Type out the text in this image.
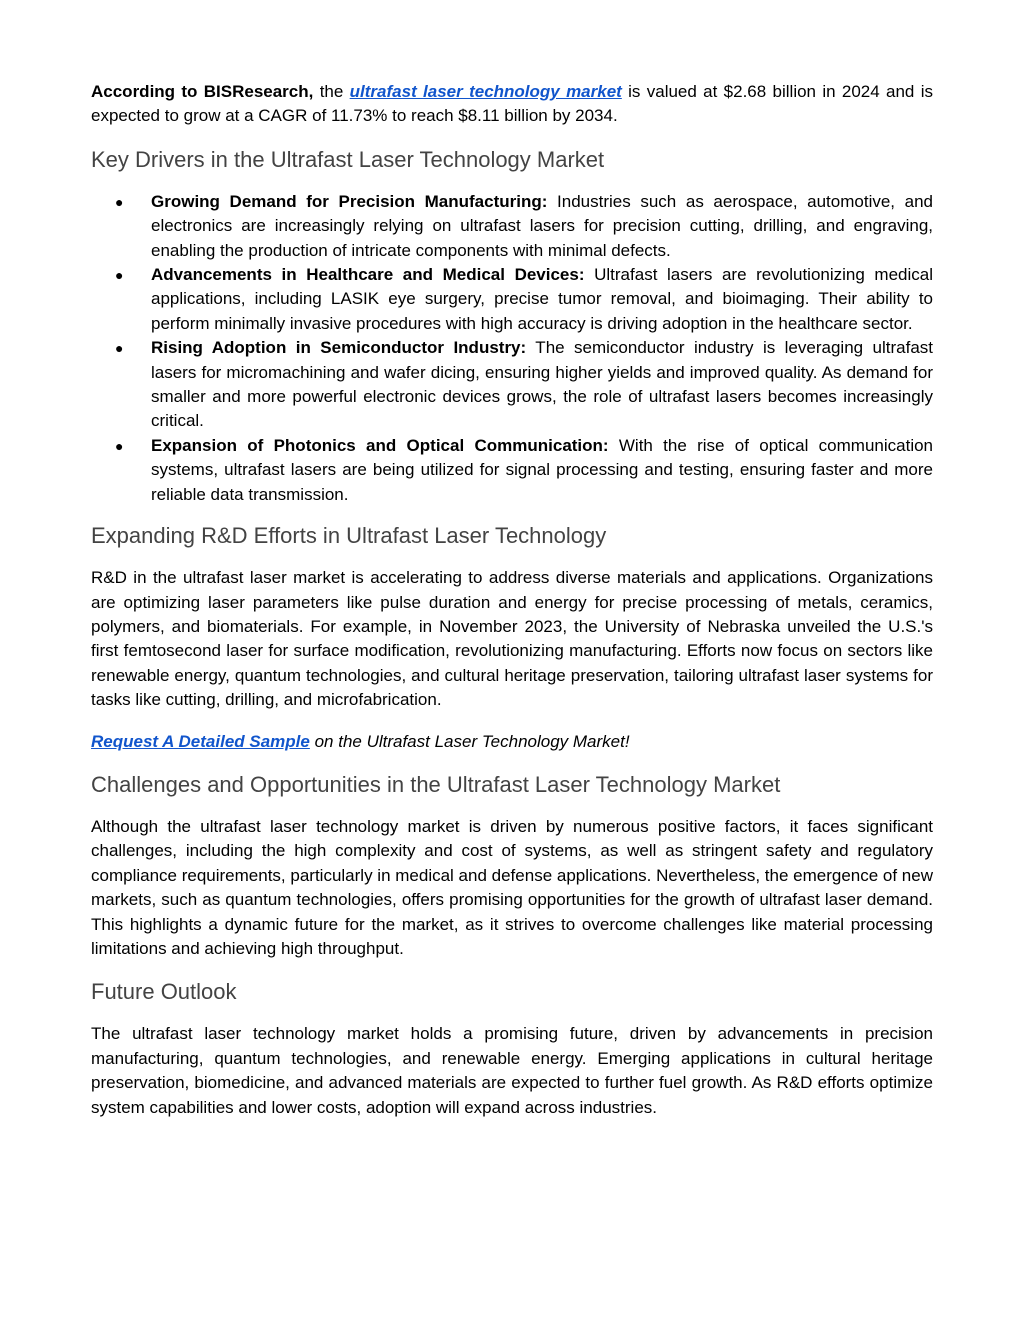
According to BISResearch, the ultrafast laser technology market is valued at $2.68 billion in 2024 and is expected to grow at a CAGR of 11.73% to reach $8.11 billion by 2034.

Key Drivers in the Ultrafast Laser Technology Market
● Growing Demand for Precision Manufacturing: Industries such as aerospace, automotive, and electronics are increasingly relying on ultrafast lasers for precision cutting, drilling, and engraving, enabling the production of intricate components with minimal defects.
● Advancements in Healthcare and Medical Devices: Ultrafast lasers are revolutionizing medical applications, including LASIK eye surgery, precise tumor removal, and bioimaging. Their ability to perform minimally invasive procedures with high accuracy is driving adoption in the healthcare sector.
● Rising Adoption in Semiconductor Industry: The semiconductor industry is leveraging ultrafast lasers for micromachining and wafer dicing, ensuring higher yields and improved quality. As demand for smaller and more powerful electronic devices grows, the role of ultrafast lasers becomes increasingly critical.
● Expansion of Photonics and Optical Communication: With the rise of optical communication systems, ultrafast lasers are being utilized for signal processing and testing, ensuring faster and more reliable data transmission.
Expanding R&D Efforts in Ultrafast Laser Technology

R&D in the ultrafast laser market is accelerating to address diverse materials and applications. Organizations are optimizing laser parameters like pulse duration and energy for precise processing of metals, ceramics, polymers, and biomaterials. For example, in November 2023, the University of Nebraska unveiled the U.S.'s first femtosecond laser for surface modification, revolutionizing manufacturing. Efforts now focus on sectors like renewable energy, quantum technologies, and cultural heritage preservation, tailoring ultrafast laser systems for tasks like cutting, drilling, and microfabrication.

Request A Detailed Sample on the Ultrafast Laser Technology Market!

Challenges and Opportunities in the Ultrafast Laser Technology Market

Although the ultrafast laser technology market is driven by numerous positive factors, it faces significant challenges, including the high complexity and cost of systems, as well as stringent safety and regulatory compliance requirements, particularly in medical and defense applications. Nevertheless, the emergence of new markets, such as quantum technologies, offers promising opportunities for the growth of ultrafast laser demand. This highlights a dynamic future for the market, as it strives to overcome challenges like material processing limitations and achieving high throughput.

Future Outlook

The ultrafast laser technology market holds a promising future, driven by advancements in precision manufacturing, quantum technologies, and renewable energy. Emerging applications in cultural heritage preservation, biomedicine, and advanced materials are expected to further fuel growth. As R&D efforts optimize system capabilities and lower costs, adoption will expand across industries.
